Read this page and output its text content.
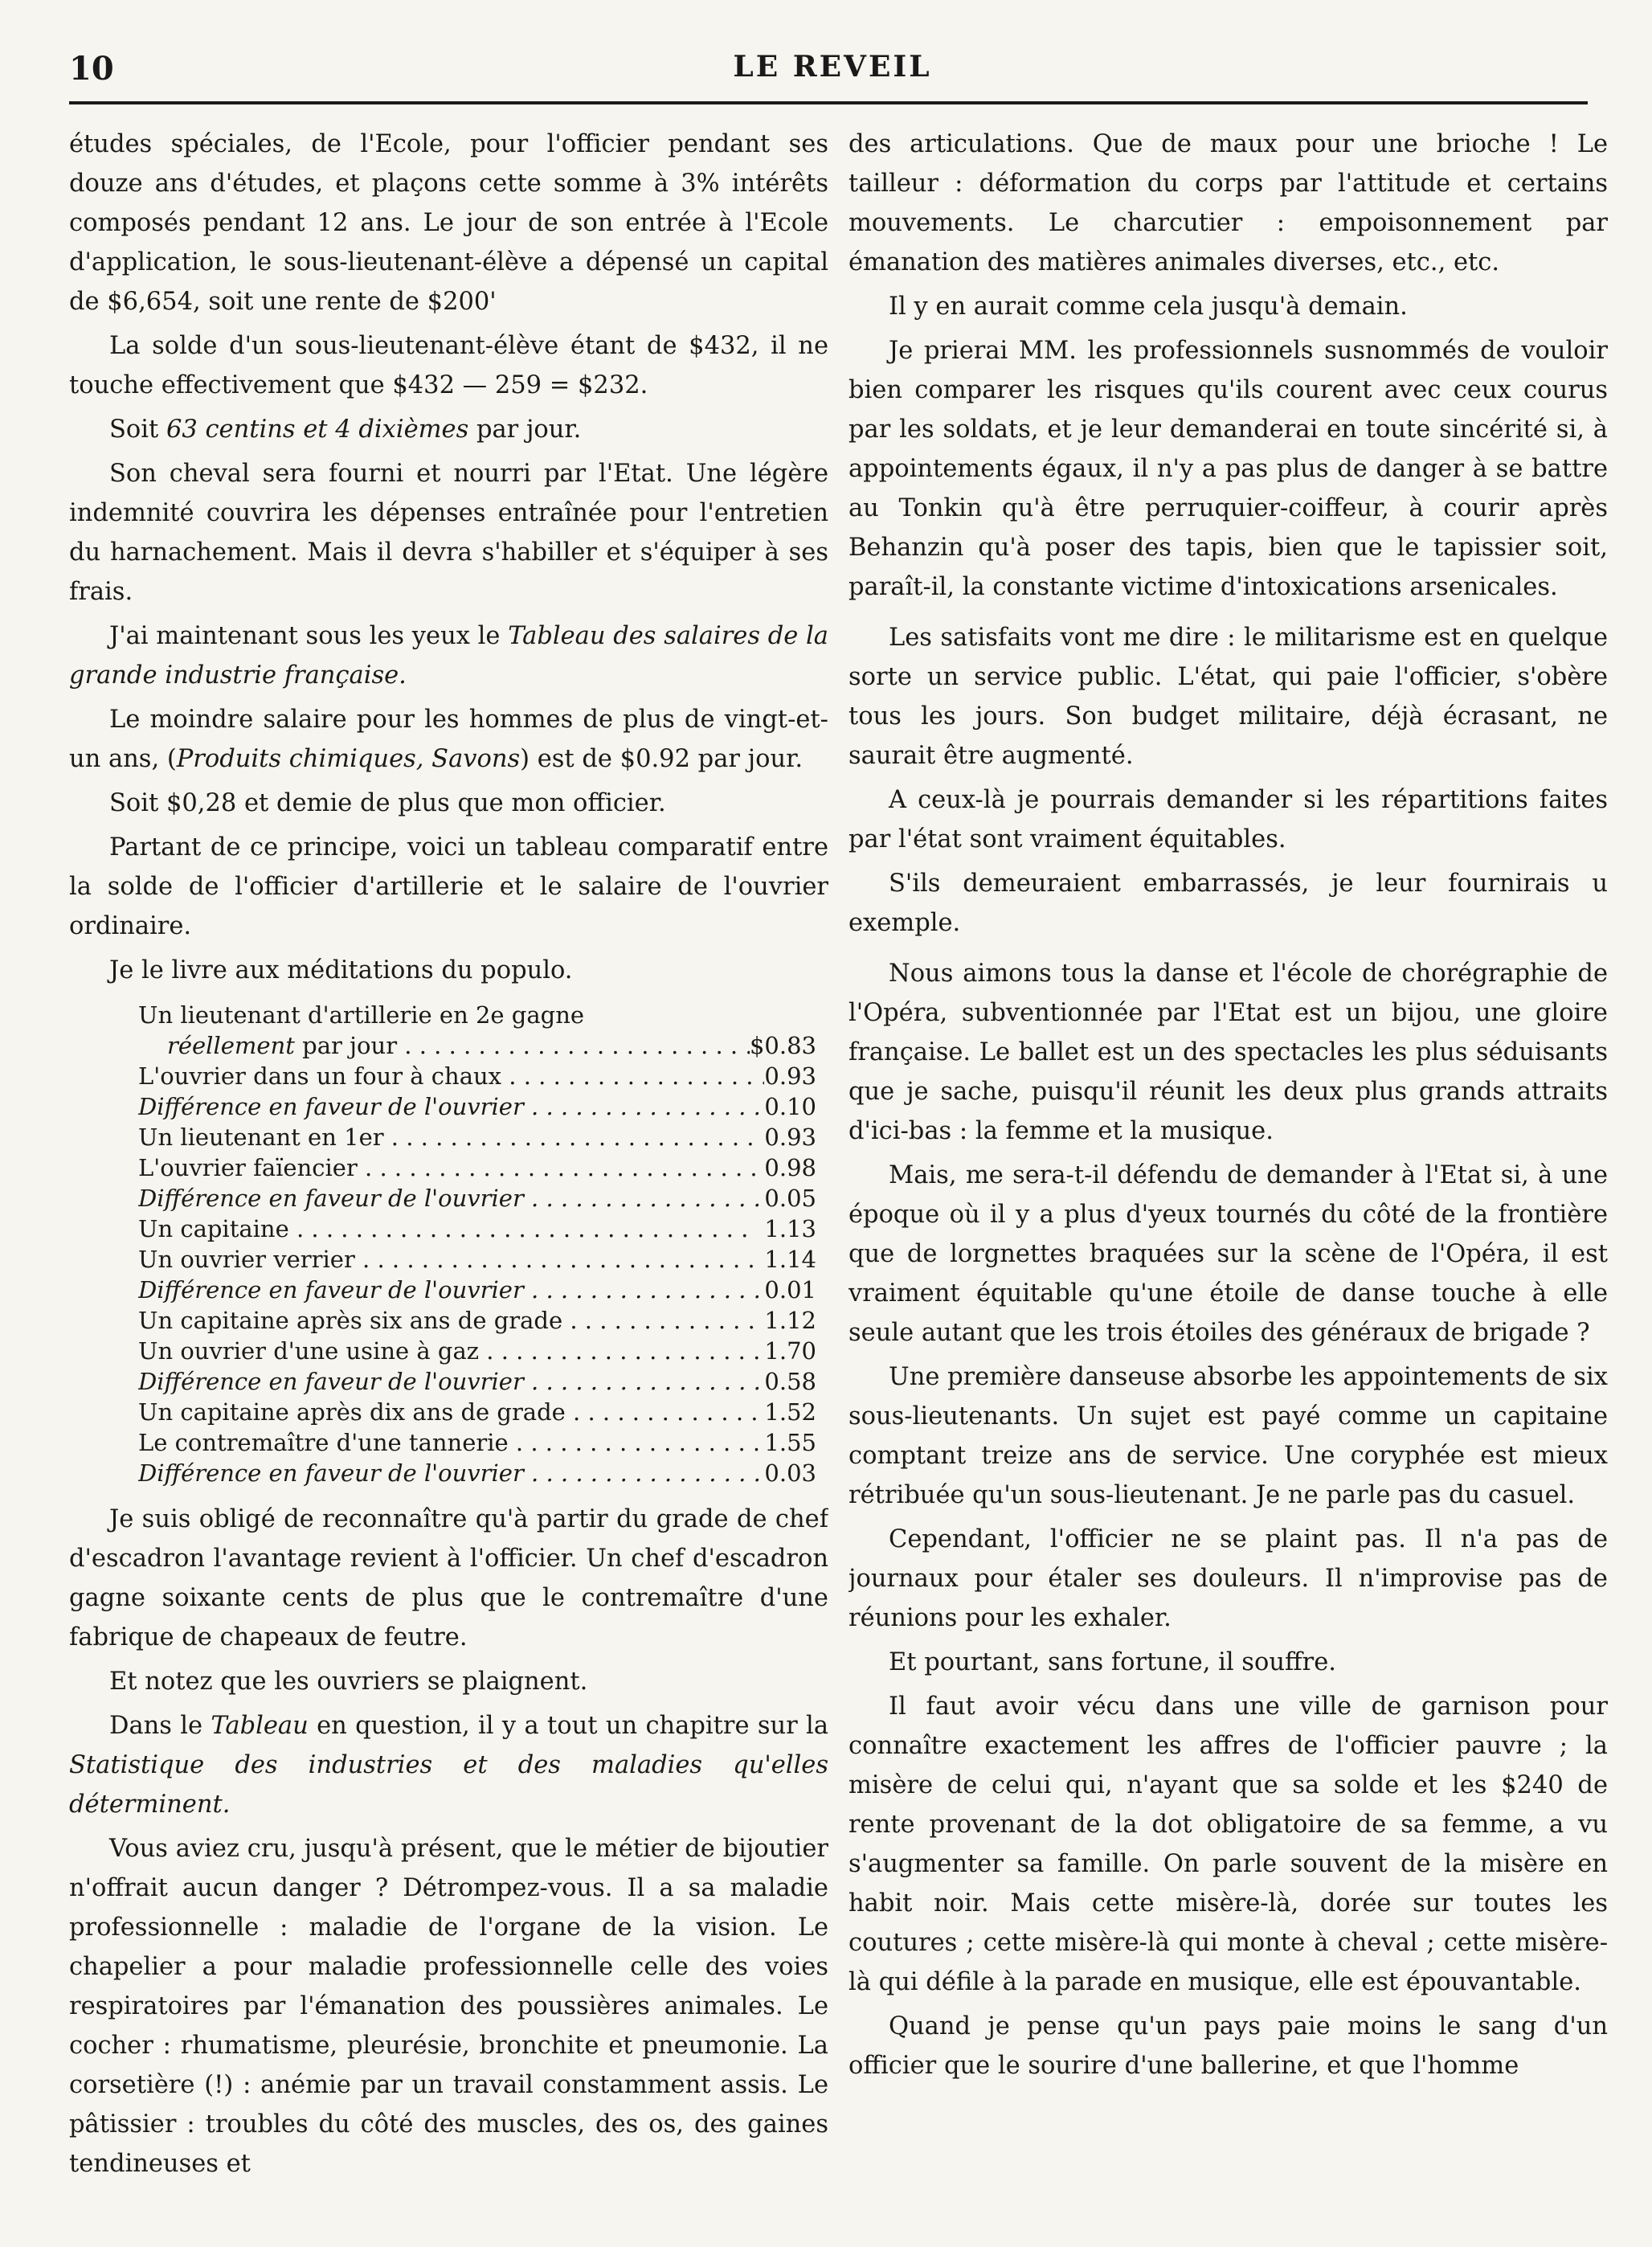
10	LE REVEIL

études spéciales, de l'Ecole, pour l'officier pendant ses douze ans d'études, et plaçons cette somme à 3% intérêts composés pendant 12 ans. Le jour de son entrée à l'Ecole d'application, le sous-lieutenant-élève a dépensé un capital de $6,654, soit une rente de $200'

La solde d'un sous-lieutenant-élève étant de $432, il ne touche effectivement que $432 — 259 = $232.

Soit 63 centins et 4 dixièmes par jour.

Son cheval sera fourni et nourri par l'Etat. Une légère indemnité couvrira les dépenses entraînée pour l'entretien du harnachement. Mais il devra s'habiller et s'équiper à ses frais.

J'ai maintenant sous les yeux le Tableau des salaires de la grande industrie française.

Le moindre salaire pour les hommes de plus de vingt-et-un ans, (Produits chimiques, Savons) est de $0.92 par jour.

Soit $0,28 et demie de plus que mon officier.

Partant de ce principe, voici un tableau comparatif entre la solde de l'officier d'artillerie et le salaire de l'ouvrier ordinaire.

Je le livre aux méditations du populo.

Un lieutenant d'artillerie en 2e gagne
réellement par jour . . .	$0.83
L'ouvrier dans un four à chaux . . .	0.93
Différence en faveur de l'ouvrier . . .	0.10
Un lieutenant en 1er . . .	0.93
L'ouvrier faïencier . . .	0.98
Différence en faveur de l'ouvrier . . .	0.05
Un capitaine . . .	1.13
Un ouvrier verrier . . .	1.14
Différence en faveur de l'ouvrier . . .	0.01
Un capitaine après six ans de grade . . .	1.12
Un ouvrier d'une usine à gaz . . .	1.70
Différence en faveur de l'ouvrier . . .	0.58
Un capitaine après dix ans de grade . . .	1.52
Le contremaître d'une tannerie . . .	1.55
Différence en faveur de l'ouvrier . . .	0.03

Je suis obligé de reconnaître qu'à partir du grade de chef d'escadron l'avantage revient à l'officier. Un chef d'escadron gagne soixante cents de plus que le contremaître d'une fabrique de chapeaux de feutre.

Et notez que les ouvriers se plaignent.

Dans le Tableau en question, il y a tout un chapitre sur la Statistique des industries et des maladies qu'elles déterminent.

Vous aviez cru, jusqu'à présent, que le métier de bijoutier n'offrait aucun danger ? Détrompez-vous. Il a sa maladie professionnelle : maladie de l'organe de la vision. Le chapelier a pour maladie professionnelle celle des voies respiratoires par l'émanation des poussières animales. Le cocher : rhumatisme, pleurésie, bronchite et pneumonie. La corsetière (!) : anémie par un travail constamment assis. Le pâtissier : troubles du côté des muscles, des os, des gaines tendineuses et

des articulations. Que de maux pour une brioche ! Le tailleur : déformation du corps par l'attitude et certains mouvements. Le charcutier : empoisonnement par émanation des matières animales diverses, etc., etc.

Il y en aurait comme cela jusqu'à demain.

Je prierai MM. les professionnels susnommés de vouloir bien comparer les risques qu'ils courent avec ceux courus par les soldats, et je leur demanderai en toute sincérité si, à appointements égaux, il n'y a pas plus de danger à se battre au Tonkin qu'à être perruquier-coiffeur, à courir après Behanzin qu'à poser des tapis, bien que le tapissier soit, paraît-il, la constante victime d'intoxications arsenicales.

Les satisfaits vont me dire : le militarisme est en quelque sorte un service public. L'état, qui paie l'officier, s'obère tous les jours. Son budget militaire, déjà écrasant, ne saurait être augmenté.

A ceux-là je pourrais demander si les répartitions faites par l'état sont vraiment équitables.

S'ils demeuraient embarrassés, je leur fournirais u exemple.

Nous aimons tous la danse et l'école de chorégraphie de l'Opéra, subventionnée par l'Etat est un bijou, une gloire française. Le ballet est un des spectacles les plus séduisants que je sache, puisqu'il réunit les deux plus grands attraits d'ici-bas : la femme et la musique.

Mais, me sera-t-il défendu de demander à l'Etat si, à une époque où il y a plus d'yeux tournés du côté de la frontière que de lorgnettes braquées sur la scène de l'Opéra, il est vraiment équitable qu'une étoile de danse touche à elle seule autant que les trois étoiles des généraux de brigade ?

Une première danseuse absorbe les appointements de six sous-lieutenants. Un sujet est payé comme un capitaine comptant treize ans de service. Une coryphée est mieux rétribuée qu'un sous-lieutenant. Je ne parle pas du casuel.

Cependant, l'officier ne se plaint pas. Il n'a pas de journaux pour étaler ses douleurs. Il n'improvise pas de réunions pour les exhaler.

Et pourtant, sans fortune, il souffre.

Il faut avoir vécu dans une ville de garnison pour connaître exactement les affres de l'officier pauvre ; la misère de celui qui, n'ayant que sa solde et les $240 de rente provenant de la dot obligatoire de sa femme, a vu s'augmenter sa famille. On parle souvent de la misère en habit noir. Mais cette misère-là, dorée sur toutes les coutures ; cette misère-là qui monte à cheval ; cette misère-là qui défile à la parade en musique, elle est épouvantable.

Quand je pense qu'un pays paie moins le sang d'un officier que le sourire d'une ballerine, et que l'homme
